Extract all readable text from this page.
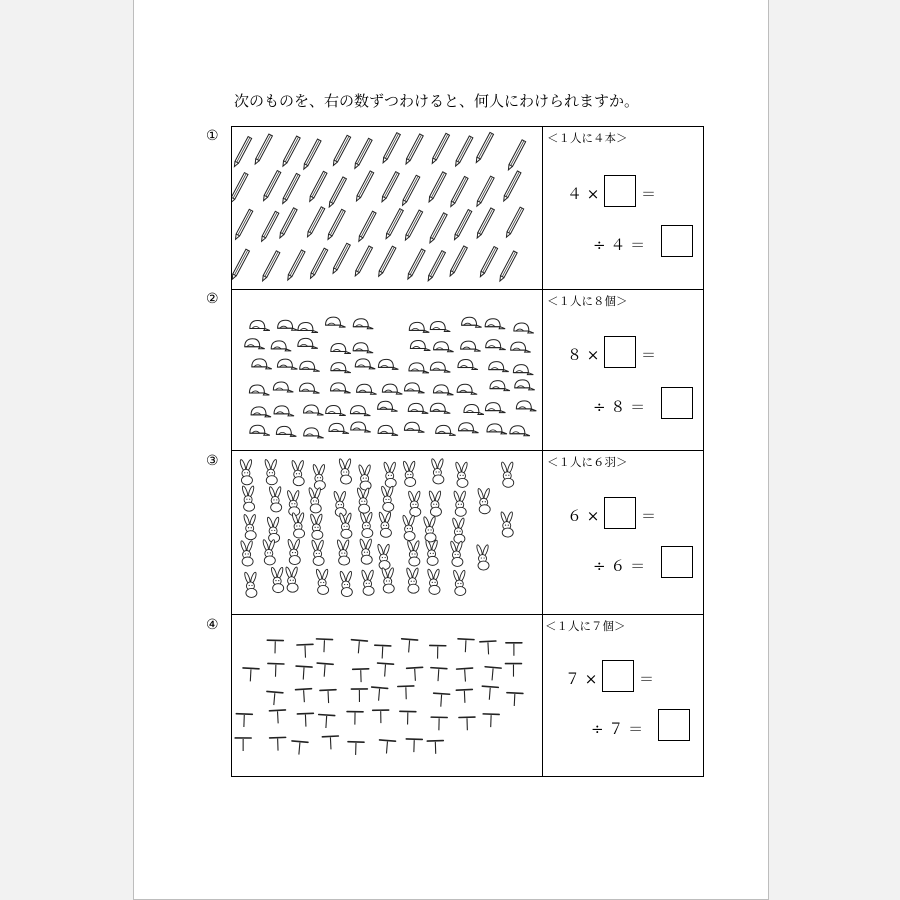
次のものを、右の数ずつわけると、何人にわけられますか。
①	＜１人に４本＞
４ ×	＝
÷ ４ ＝
②	＜１人に８個＞
８ ×	＝
÷ ８ ＝
③	＜１人に６羽＞
６ ×	＝
÷ ６ ＝
④	＜１人に７個＞
７ ×	＝
÷ ７ ＝
